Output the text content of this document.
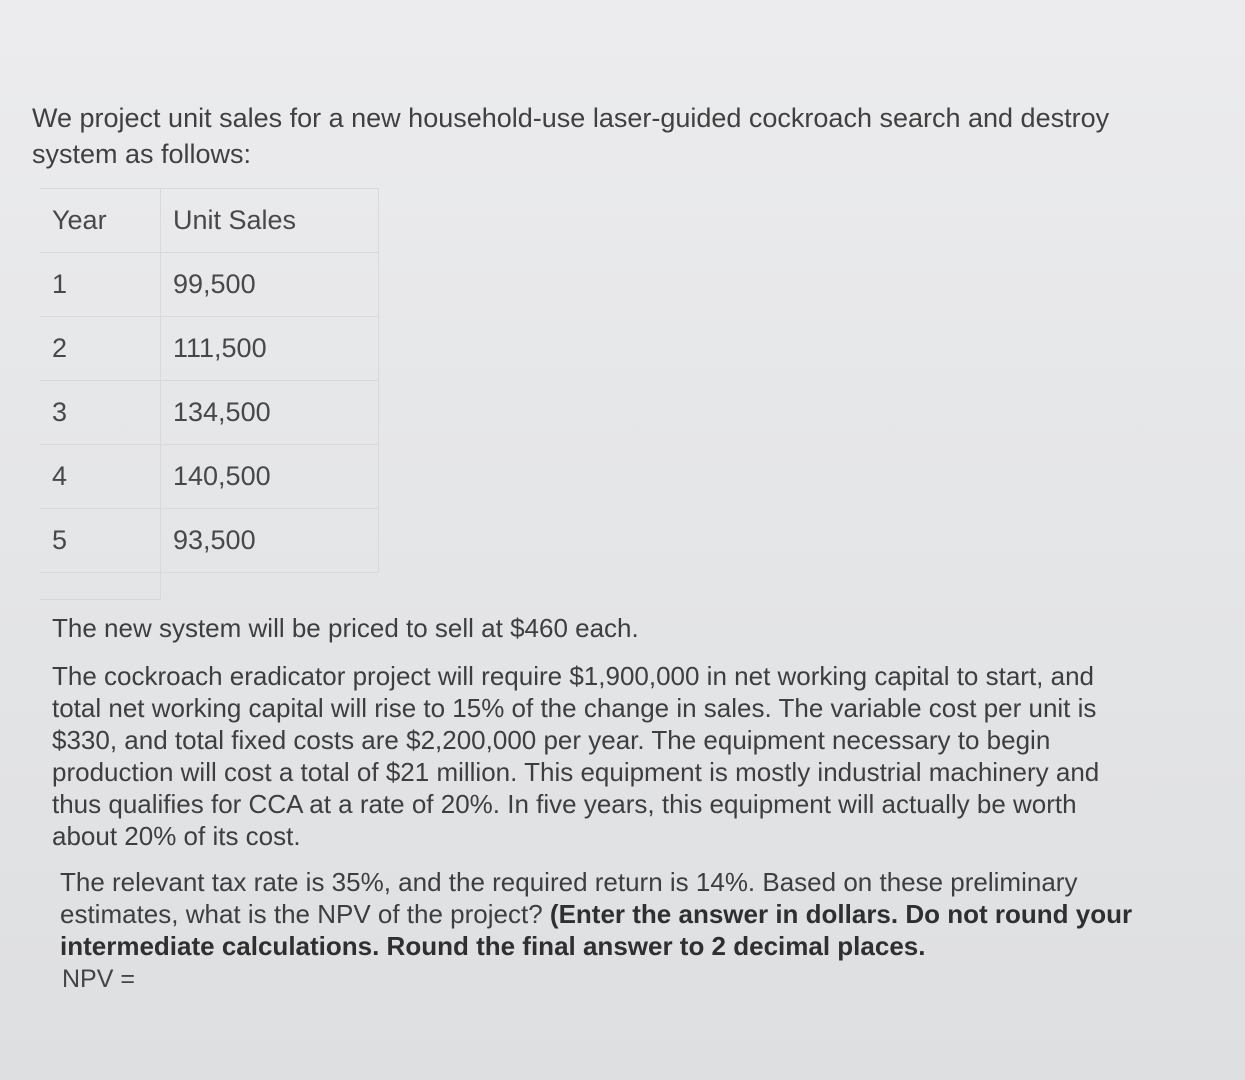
We project unit sales for a new household-use laser-guided cockroach search and destroy system as follows:

Year	Unit Sales
1	99,500
2	111,500
3	134,500
4	140,500
5	93,500

The new system will be priced to sell at $460 each.

The cockroach eradicator project will require $1,900,000 in net working capital to start, and total net working capital will rise to 15% of the change in sales. The variable cost per unit is $330, and total fixed costs are $2,200,000 per year. The equipment necessary to begin production will cost a total of $21 million. This equipment is mostly industrial machinery and thus qualifies for CCA at a rate of 20%. In five years, this equipment will actually be worth about 20% of its cost.

The relevant tax rate is 35%, and the required return is 14%. Based on these preliminary estimates, what is the NPV of the project? (Enter the answer in dollars. Do not round your intermediate calculations. Round the final answer to 2 decimal places.

NPV =
